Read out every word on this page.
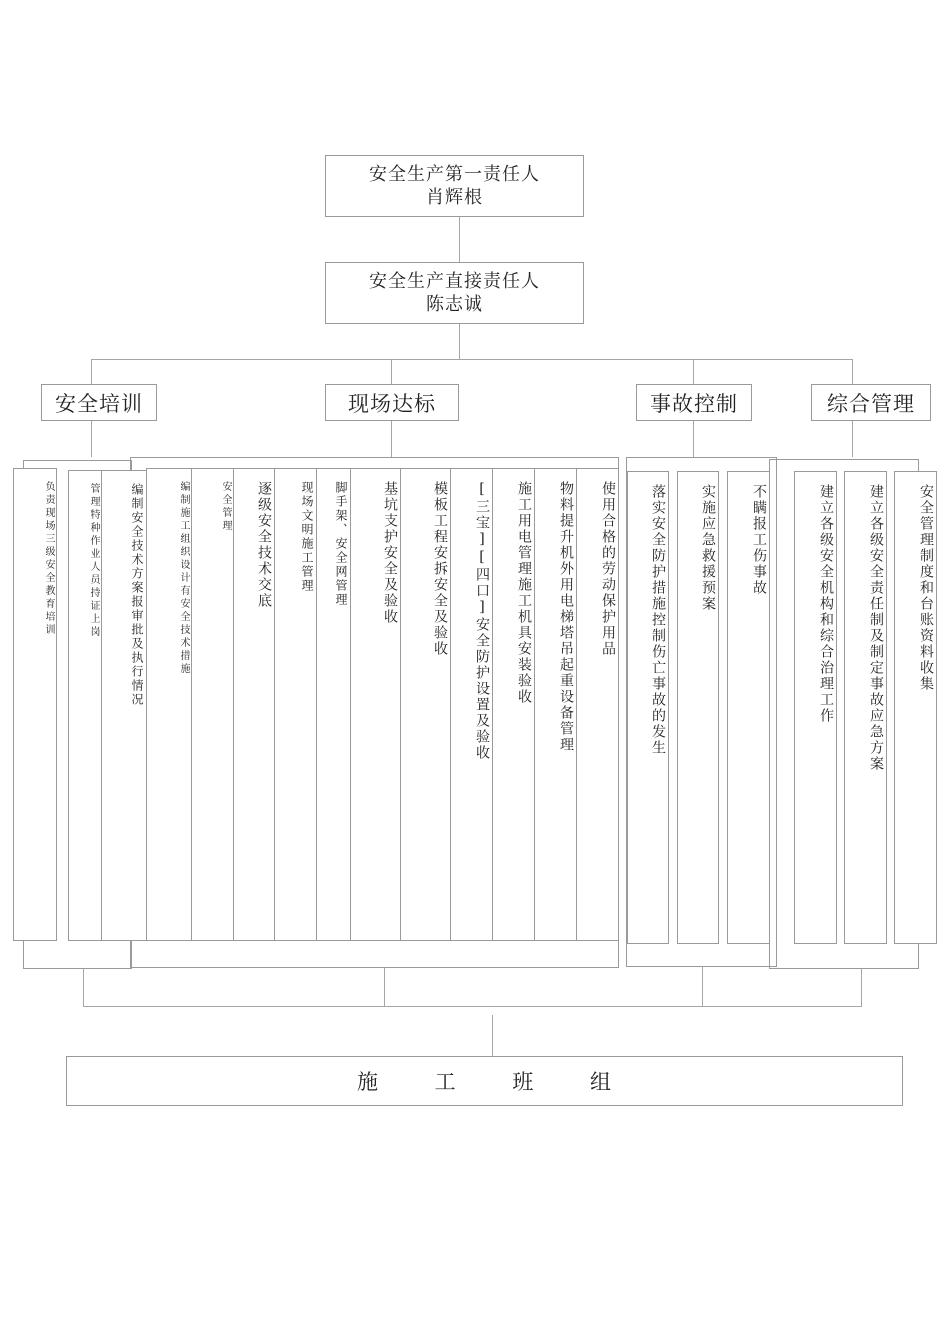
安全生产第一责任人
肖辉根
安全生产直接责任人
陈志诚
安全培训	现场达标	事故控制	综合管理
负责现场三级安全教育培训	管理特种作业人员持证上岗	编制安全技术方案报审批及执行情况	编制施工组织设计有安全技术措施	安全管理	逐级安全技术交底	现场文明施工管理	脚手架、安全网管理	基坑支护安全及验收	模板工程安拆安全及验收	[三宝][四口]安全防护设置及验收	施工用电管理施工机具安装验收	物料提升机外用电梯塔吊起重设备管理	使用合格的劳动保护用品	落实安全防护措施控制伤亡事故的发生	实施应急救援预案	不瞒报工伤事故	建立各级安全机构和综合治理工作	建立各级安全责任制及制定事故应急方案	安全管理制度和台账资料收集
施 工 班 组
